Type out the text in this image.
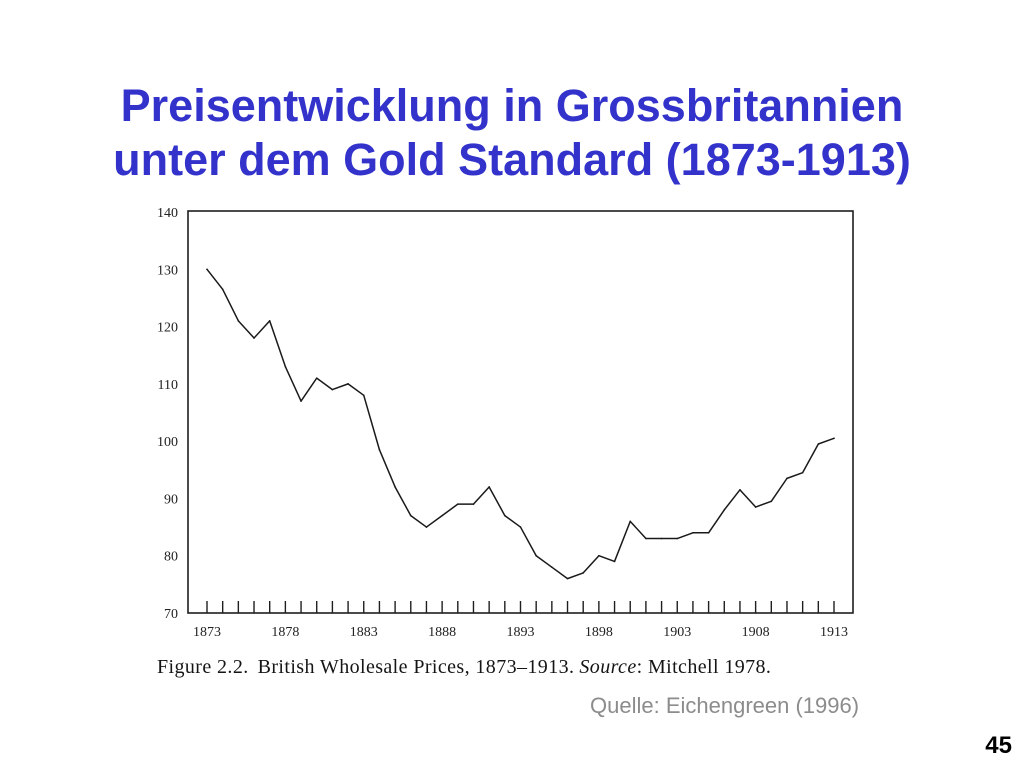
Preisentwicklung in Grossbritannien
unter dem Gold Standard (1873-1913)
140
130
120
110
100
90
80
70
1873	1878	1883	1888	1893	1898	1903	1908	1913
Figure 2.2. British Wholesale Prices, 1873–1913. Source: Mitchell 1978.
Quelle: Eichengreen (1996)
45
